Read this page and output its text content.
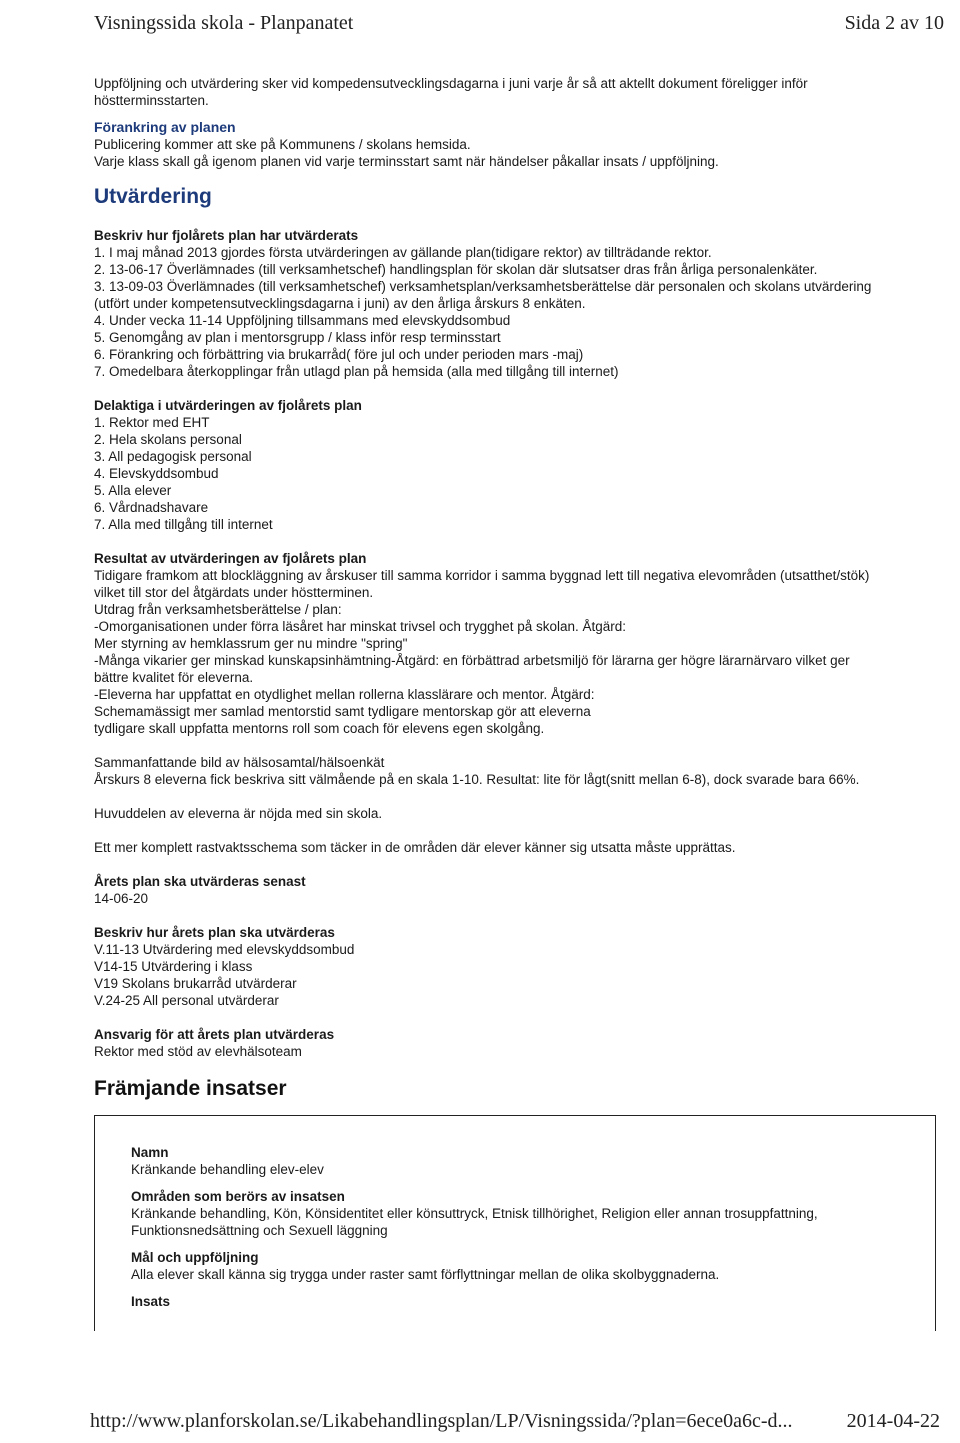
Visningssida skola - Planpanatet	Sida 2 av 10
Uppföljning och utvärdering sker vid kompedensutvecklingsdagarna i juni varje år så att aktellt dokument föreligger inför
höstterminsstarten.
Förankring av planen
Publicering kommer att ske på Kommunens / skolans hemsida.
Varje klass skall gå igenom planen vid varje terminsstart samt när händelser påkallar insats / uppföljning.
Utvärdering
Beskriv hur fjolårets plan har utvärderats
1. I maj månad 2013 gjordes första utvärderingen av gällande plan(tidigare rektor) av tillträdande rektor.
2. 13-06-17 Överlämnades (till verksamhetschef) handlingsplan för skolan där slutsatser dras från årliga personalenkäter.
3. 13-09-03 Överlämnades (till verksamhetschef) verksamhetsplan/verksamhetsberättelse där personalen och skolans utvärdering
(utfört under kompetensutvecklingsdagarna i juni) av den årliga årskurs 8 enkäten.
4. Under vecka 11-14 Uppföljning tillsammans med elevskyddsombud
5. Genomgång av plan i mentorsgrupp / klass inför resp terminsstart
6. Förankring och förbättring via brukarråd( före jul och under perioden mars -maj)
7. Omedelbara återkopplingar från utlagd plan på hemsida (alla med tillgång till internet)
Delaktiga i utvärderingen av fjolårets plan
1. Rektor med EHT
2. Hela skolans personal
3. All pedagogisk personal
4. Elevskyddsombud
5. Alla elever
6. Vårdnadshavare
7. Alla med tillgång till internet
Resultat av utvärderingen av fjolårets plan
Tidigare framkom att blockläggning av årskuser till samma korridor i samma byggnad lett till negativa elevområden (utsatthet/stök)
vilket till stor del åtgärdats under höstterminen.
Utdrag från verksamhetsberättelse / plan:
-Omorganisationen under förra läsåret har minskat trivsel och trygghet på skolan. Åtgärd:
Mer styrning av hemklassrum ger nu mindre "spring"
-Många vikarier ger minskad kunskapsinhämtning-Åtgärd: en förbättrad arbetsmiljö för lärarna ger högre lärarnärvaro vilket ger
bättre kvalitet för eleverna.
-Eleverna har uppfattat en otydlighet mellan rollerna klasslärare och mentor. Åtgärd:
Schemamässigt mer samlad mentorstid samt tydligare mentorskap gör att eleverna
tydligare skall uppfatta mentorns roll som coach för elevens egen skolgång.
Sammanfattande bild av hälsosamtal/hälsoenkät
Årskurs 8 eleverna fick beskriva sitt välmående på en skala 1-10. Resultat: lite för lågt(snitt mellan 6-8), dock svarade bara 66%.
Huvuddelen av eleverna är nöjda med sin skola.
Ett mer komplett rastvaktsschema som täcker in de områden där elever känner sig utsatta måste upprättas.
Årets plan ska utvärderas senast
14-06-20
Beskriv hur årets plan ska utvärderas
V.11-13 Utvärdering med elevskyddsombud
V14-15 Utvärdering i klass
V19 Skolans brukarråd utvärderar
V.24-25 All personal utvärderar
Ansvarig för att årets plan utvärderas
Rektor med stöd av elevhälsoteam
Främjande insatser
Namn
Kränkande behandling elev-elev
Områden som berörs av insatsen
Kränkande behandling, Kön, Könsidentitet eller könsuttryck, Etnisk tillhörighet, Religion eller annan trosuppfattning,
Funktionsnedsättning och Sexuell läggning
Mål och uppföljning
Alla elever skall känna sig trygga under raster samt förflyttningar mellan de olika skolbyggnaderna.
Insats
http://www.planforskolan.se/Likabehandlingsplan/LP/Visningssida/?plan=6ece0a6c-d...	2014-04-22
